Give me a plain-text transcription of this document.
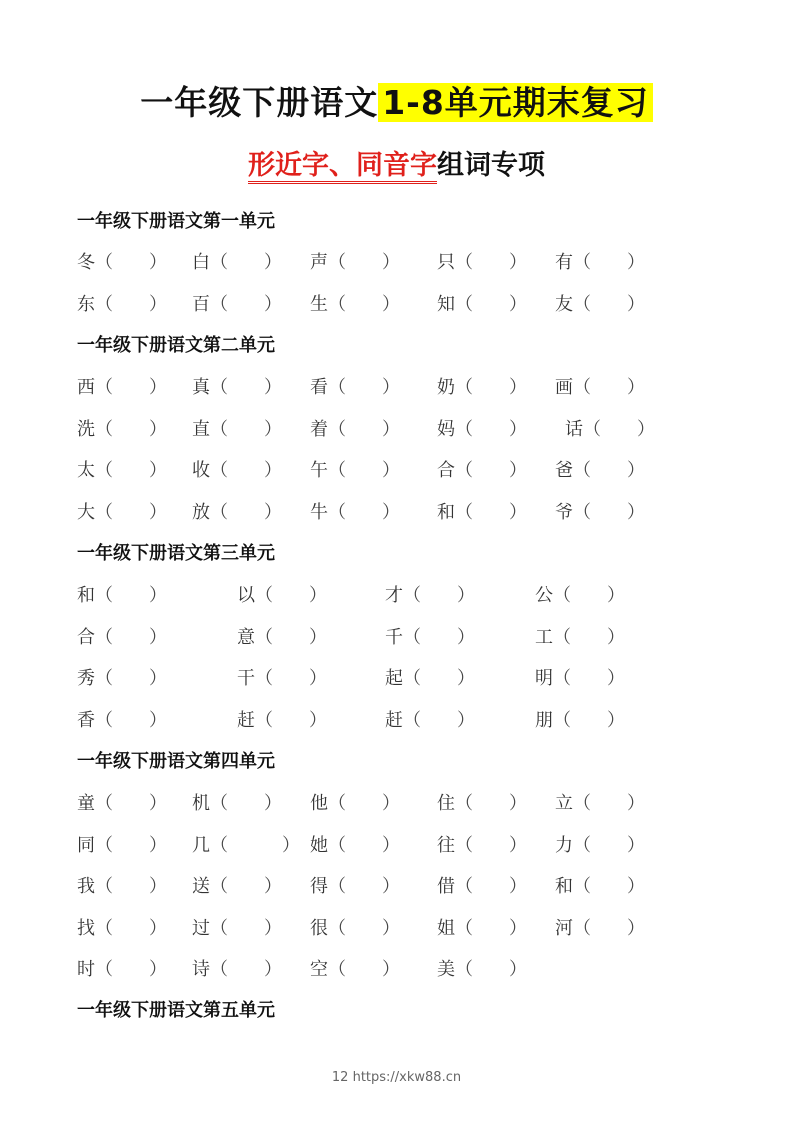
一年级下册语文 1-8单元期末复习
形近字、同音字组词专项
一年级下册语文第一单元
冬（　　） 白（　　） 声（　　） 只（　　） 有（　　）
东（　　） 百（　　） 生（　　） 知（　　） 友（　　）
一年级下册语文第二单元
西（　　） 真（　　） 看（　　） 奶（　　） 画（　　）
洗（　　） 直（　　） 着（　　） 妈（　　） 话（　　）
太（　　） 收（　　） 午（　　） 合（　　） 爸（　　）
大（　　） 放（　　） 牛（　　） 和（　　） 爷（　　）
一年级下册语文第三单元
和（　　）	以（　　）	才（　　）	公（　　）
合（　　）	意（　　）	千（　　）	工（　　）
秀（　　）	干（　　）	起（　　）	明（　　）
香（　　）	赶（　　）	赶（　　）	朋（　　）
一年级下册语文第四单元
童（　　） 机（　　） 他（　　） 住（　　） 立（　　）
同（　　） 几（　　　） 她（　　） 往（　　） 力（　　）
我（　　） 送（　　） 得（　　） 借（　　） 和（　　）
找（　　） 过（　　） 很（　　） 姐（　　） 河（　　）
时（　　） 诗（　　） 空（　　） 美（　　）
一年级下册语文第五单元
12 https://xkw88.cn
